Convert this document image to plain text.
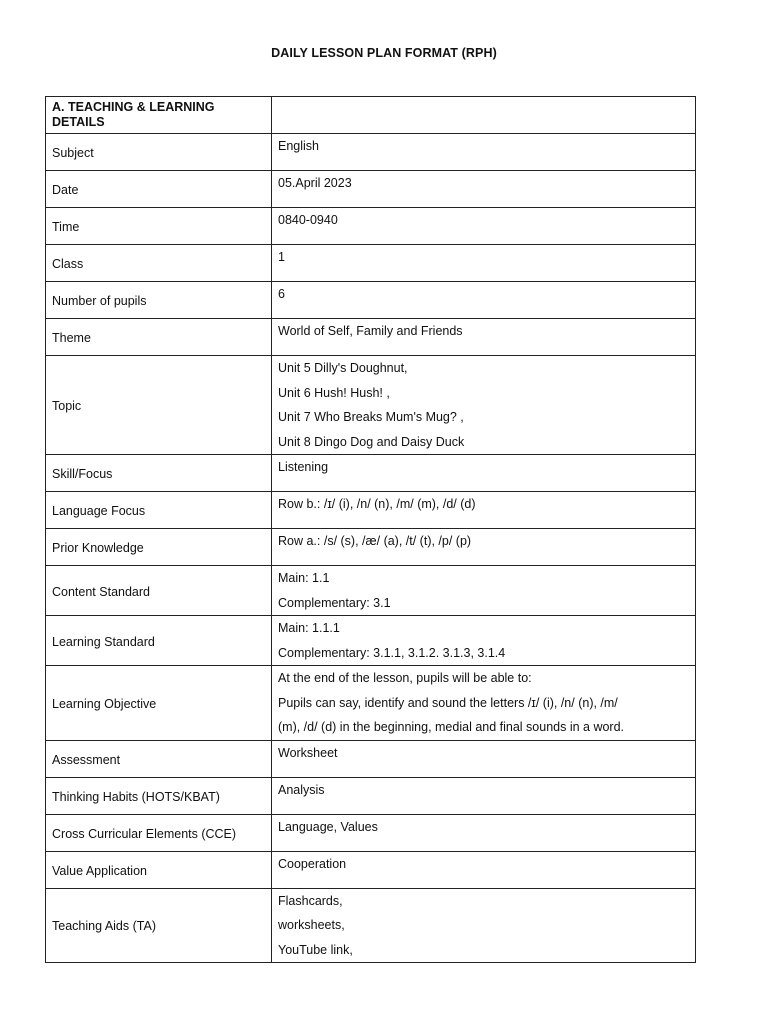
DAILY LESSON PLAN FORMAT (RPH)
A. TEACHING & LEARNING DETAILS	
Subject	English
Date	05.April 2023
Time	0840-0940
Class	1
Number of pupils	6
Theme	World of Self, Family and Friends
Topic	Unit 5 Dilly's Doughnut,
Unit 6 Hush! Hush! ,
Unit 7 Who Breaks Mum's Mug? ,
Unit 8 Dingo Dog and Daisy Duck

Skill/Focus	Listening
Language Focus	Row b.: /ɪ/ (i), /n/ (n), /m/ (m), /d/ (d)
Prior Knowledge	Row a.: /s/ (s), /æ/ (a), /t/ (t), /p/ (p)
Content Standard	Main: 1.1
Complementary: 3.1

Learning Standard	Main: 1.1.1
Complementary: 3.1.1, 3.1.2. 3.1.3, 3.1.4

Learning Objective	At the end of the lesson, pupils will be able to:
Pupils can say, identify and sound the letters /ɪ/ (i), /n/ (n), /m/
(m), /d/ (d) in the beginning, medial and final sounds in a word.

Assessment	Worksheet
Thinking Habits (HOTS/KBAT)	Analysis
Cross Curricular Elements (CCE)	Language, Values
Value Application	Cooperation
Teaching Aids (TA)	Flashcards,
worksheets,
YouTube link,
